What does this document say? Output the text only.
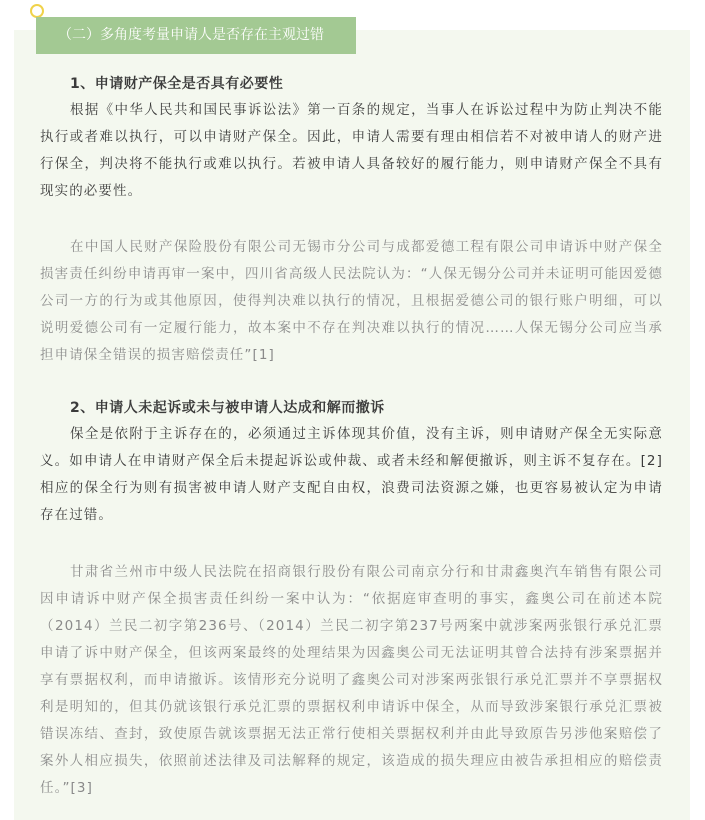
（二）多角度考量申请人是否存在主观过错

1、申请财产保全是否具有必要性

根据《中华人民共和国民事诉讼法》第一百条的规定，当事人在诉讼过程中为防止判决不能执行或者难以执行，可以申请财产保全。因此，申请人需要有理由相信若不对被申请人的财产进行保全，判决将不能执行或难以执行。若被申请人具备较好的履行能力，则申请财产保全不具有现实的必要性。

在中国人民财产保险股份有限公司无锡市分公司与成都爱德工程有限公司申请诉中财产保全损害责任纠纷申请再审一案中，四川省高级人民法院认为：“人保无锡分公司并未证明可能因爱德公司一方的行为或其他原因，使得判决难以执行的情况，且根据爱德公司的银行账户明细，可以说明爱德公司有一定履行能力，故本案中不存在判决难以执行的情况……人保无锡分公司应当承担申请保全错误的损害赔偿责任”[1]

2、申请人未起诉或未与被申请人达成和解而撤诉

保全是依附于主诉存在的，必须通过主诉体现其价值，没有主诉，则申请财产保全无实际意义。如申请人在申请财产保全后未提起诉讼或仲裁、或者未经和解便撤诉，则主诉不复存在。[2]相应的保全行为则有损害被申请人财产支配自由权，浪费司法资源之嫌，也更容易被认定为申请存在过错。

甘肃省兰州市中级人民法院在招商银行股份有限公司南京分行和甘肃鑫奥汽车销售有限公司因申请诉中财产保全损害责任纠纷一案中认为：“依据庭审查明的事实，鑫奥公司在前述本院（2014）兰民二初字第236号、（2014）兰民二初字第237号两案中就涉案两张银行承兑汇票申请了诉中财产保全，但该两案最终的处理结果为因鑫奥公司无法证明其曾合法持有涉案票据并享有票据权利，而申请撤诉。该情形充分说明了鑫奥公司对涉案两张银行承兑汇票并不享票据权利是明知的，但其仍就该银行承兑汇票的票据权利申请诉中保全，从而导致涉案银行承兑汇票被错误冻结、查封，致使原告就该票据无法正常行使相关票据权利并由此导致原告另涉他案赔偿了案外人相应损失，依照前述法律及司法解释的规定，该造成的损失理应由被告承担相应的赔偿责任。”[3]
